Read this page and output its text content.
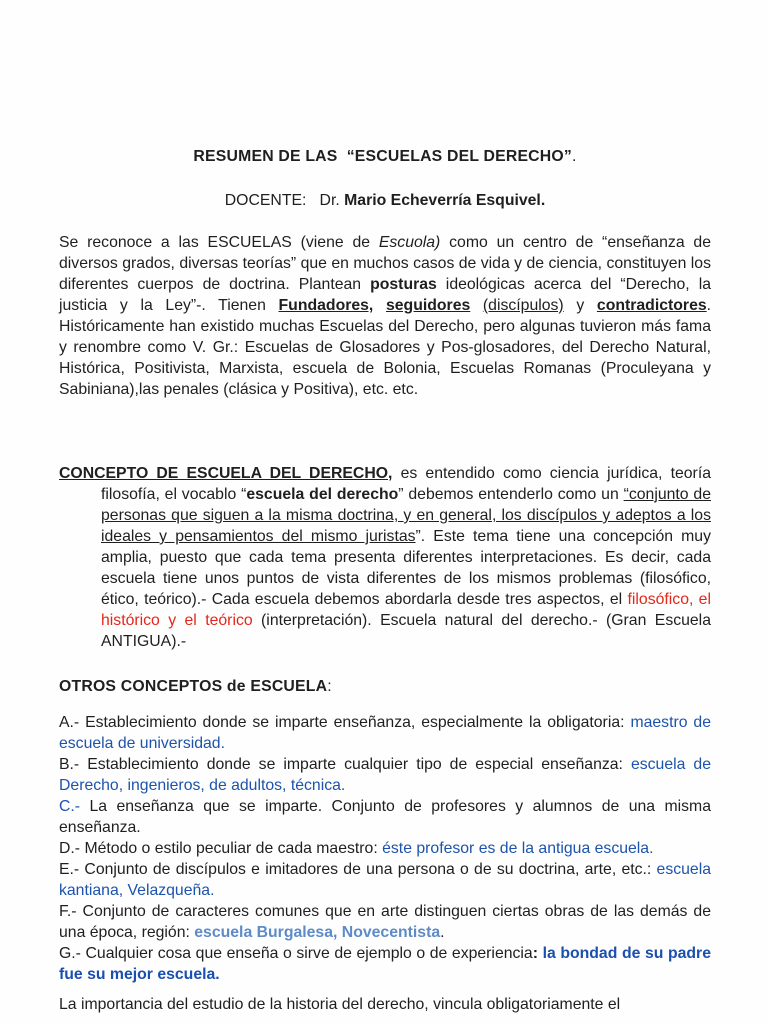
RESUMEN DE LAS  “ESCUELAS DEL DERECHO”.

DOCENTE:   Dr. Mario Echeverría Esquivel.

Se reconoce a las ESCUELAS (viene de Escuola) como un centro de “enseñanza de diversos grados, diversas teorías” que en muchos casos de vida y de ciencia, constituyen los diferentes cuerpos de doctrina. Plantean posturas ideológicas acerca del “Derecho, la justicia y la Ley”-. Tienen Fundadores, seguidores (discípulos) y contradictores. Históricamente han existido muchas Escuelas del Derecho, pero algunas tuvieron más fama y renombre como V. Gr.: Escuelas de Glosadores y Pos-glosadores, del Derecho Natural, Histórica, Positivista, Marxista, escuela de Bolonia, Escuelas Romanas (Proculeyana y Sabiniana),las penales (clásica y Positiva), etc. etc.

CONCEPTO DE ESCUELA DEL DERECHO, es entendido como ciencia jurídica, teoría filosofía, el vocablo “escuela del derecho” debemos entenderlo como un “conjunto de personas que siguen a la misma doctrina, y en general, los discípulos y adeptos a los ideales y pensamientos del mismo juristas”. Este tema tiene una concepción muy amplia, puesto que cada tema presenta diferentes interpretaciones. Es decir, cada escuela tiene unos puntos de vista diferentes de los mismos problemas (filosófico, ético, teórico).- Cada escuela debemos abordarla desde tres aspectos, el filosófico, el histórico y el teórico (interpretación). Escuela natural del derecho.- (Gran Escuela ANTIGUA).-

OTROS CONCEPTOS de ESCUELA:

A.- Establecimiento donde se imparte enseñanza, especialmente la obligatoria: maestro de escuela de universidad.

B.- Establecimiento donde se imparte cualquier tipo de especial enseñanza: escuela de Derecho, ingenieros, de adultos, técnica.

C.- La enseñanza que se imparte. Conjunto de profesores y alumnos de una misma enseñanza.

D.- Método o estilo peculiar de cada maestro: éste profesor es de la antigua escuela.

E.- Conjunto de discípulos e imitadores de una persona o de su doctrina, arte, etc.: escuela kantiana, Velazqueña.

F.- Conjunto de caracteres comunes que en arte distinguen ciertas obras de las demás de una época, región: escuela Burgalesa, Novecentista.

G.- Cualquier cosa que enseña o sirve de ejemplo o de experiencia: la bondad de su padre fue su mejor escuela.

La importancia del estudio de la historia del derecho, vincula obligatoriamente el
